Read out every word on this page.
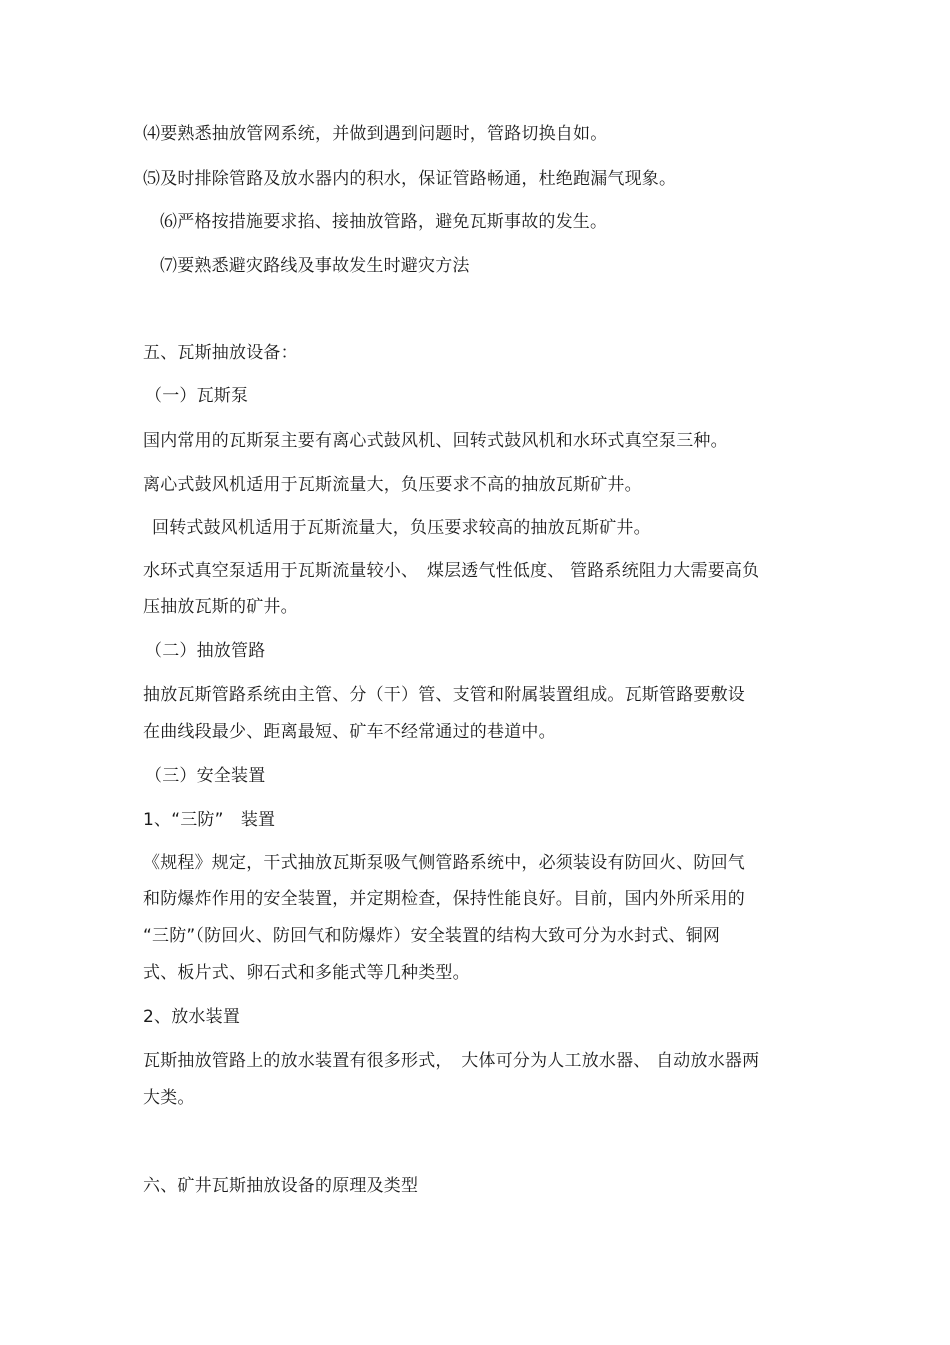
⑷要熟悉抽放管网系统，并做到遇到问题时，管路切换自如。
⑸及时排除管路及放水器内的积水，保证管路畅通，杜绝跑漏气现象。
⑹严格按措施要求掐、接抽放管路，避免瓦斯事故的发生。
⑺要熟悉避灾路线及事故发生时避灾方法
五、瓦斯抽放设备：
（一）瓦斯泵
国内常用的瓦斯泵主要有离心式鼓风机、回转式鼓风机和水环式真空泵三种。
离心式鼓风机适用于瓦斯流量大，负压要求不高的抽放瓦斯矿井。
回转式鼓风机适用于瓦斯流量大，负压要求较高的抽放瓦斯矿井。
水环式真空泵适用于瓦斯流量较小、　煤层透气性低度、 管路系统阻力大需要高负
压抽放瓦斯的矿井。
（二）抽放管路
抽放瓦斯管路系统由主管、分（干）管、支管和附属装置组成。瓦斯管路要敷设
在曲线段最少、距离最短、矿车不经常通过的巷道中。
（三）安全装置
1、“三防”　装置
《规程》规定，干式抽放瓦斯泵吸气侧管路系统中，必须装设有防回火、防回气
和防爆炸作用的安全装置，并定期检查，保持性能良好。目前，国内外所采用的
“三防”（防回火、防回气和防爆炸）安全装置的结构大致可分为水封式、铜网
式、板片式、卵石式和多能式等几种类型。
2、放水装置
瓦斯抽放管路上的放水装置有很多形式，　大体可分为人工放水器、 自动放水器两
大类。
六、矿井瓦斯抽放设备的原理及类型
